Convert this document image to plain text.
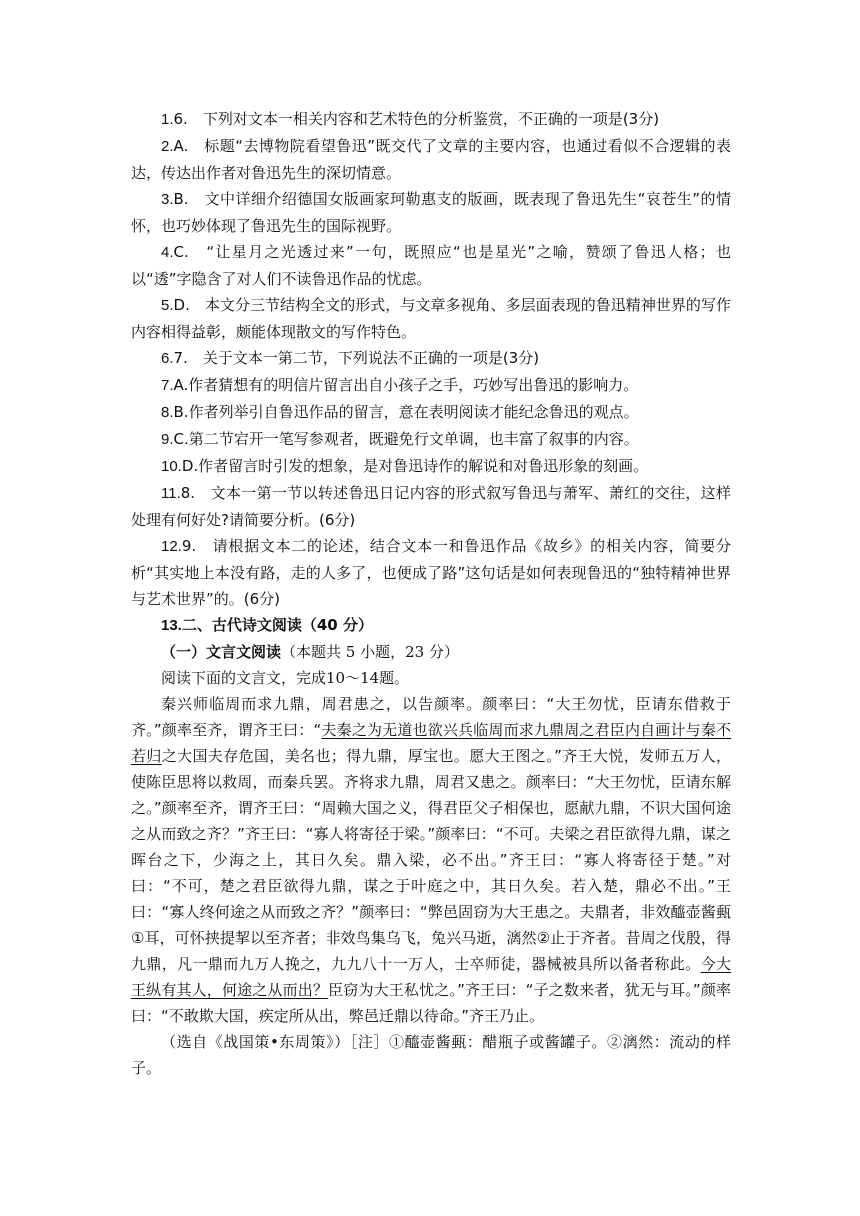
1.6.　下列对文本一相关内容和艺术特色的分析鉴赏，不正确的一项是(3分)

2.A.　标题“去博物院看望鲁迅”既交代了文章的主要内容，也通过看似不合逻辑的表达，传达出作者对鲁迅先生的深切情意。

3.B.　文中详细介绍德国女版画家珂勒惠支的版画，既表现了鲁迅先生“哀苍生”的情怀，也巧妙体现了鲁迅先生的国际视野。

4.C.　“让星月之光透过来”一句，既照应“也是星光”之喻，赞颂了鲁迅人格；也以“透”字隐含了对人们不读鲁迅作品的忧虑。

5.D.　本文分三节结构全文的形式，与文章多视角、多层面表现的鲁迅精神世界的写作内容相得益彰，颇能体现散文的写作特色。

6.7.　关于文本一第二节，下列说法不正确的一项是(3分)

7.A.作者猜想有的明信片留言出自小孩子之手，巧妙写出鲁迅的影响力。

8.B.作者列举引自鲁迅作品的留言，意在表明阅读才能纪念鲁迅的观点。

9.C.第二节宕开一笔写参观者，既避免行文单调，也丰富了叙事的内容。

10.D.作者留言时引发的想象，是对鲁迅诗作的解说和对鲁迅形象的刻画。

11.8.　文本一第一节以转述鲁迅日记内容的形式叙写鲁迅与萧军、萧红的交往，这样处理有何好处?请简要分析。(6分)

12.9.　请根据文本二的论述，结合文本一和鲁迅作品《故乡》的相关内容，简要分析“其实地上本没有路，走的人多了，也便成了路”这句话是如何表现鲁迅的“独特精神世界与艺术世界”的。(6分)

13.二、古代诗文阅读（40 分）

（一）文言文阅读（本题共 5 小题，23 分）

阅读下面的文言文，完成10～14题。

秦兴师临周而求九鼎，周君患之，以告颜率。颜率曰：“大王勿忧，臣请东借救于齐。”颜率至齐，谓齐王曰：“夫秦之为无道也欲兴兵临周而求九鼎周之君臣内自画计与秦不若归之大国夫存危国，美名也；得九鼎，厚宝也。愿大王图之。”齐王大悦，发师五万人，使陈臣思将以救周，而秦兵罢。齐将求九鼎，周君又患之。颜率曰：“大王勿忧，臣请东解之。”颜率至齐，谓齐王曰：“周赖大国之义，得君臣父子相保也，愿献九鼎，不识大国何途之从而致之齐？”齐王曰：“寡人将寄径于梁。”颜率曰：“不可。夫梁之君臣欲得九鼎，谋之晖台之下，少海之上，其日久矣。鼎入梁，必不出。”齐王曰：“寡人将寄径于楚。”对曰：“不可，楚之君臣欲得九鼎，谋之于叶庭之中，其日久矣。若入楚，鼎必不出。”王曰：“寡人终何途之从而致之齐？”颜率曰：“弊邑固窃为大王患之。夫鼎者，非效醯壶酱甀①耳，可怀挟提挈以至齐者；非效鸟集乌飞，兔兴马逝，漓然②止于齐者。昔周之伐殷，得九鼎，凡一鼎而九万人挽之，九九八十一万人，士卒师徒，器械被具所以备者称此。今大王纵有其人，何途之从而出？臣窃为大王私忧之。”齐王曰：“子之数来者，犹无与耳。”颜率曰：“不敢欺大国，疾定所从出，弊邑迁鼎以待命。”齐王乃止。

（选自《战国策•东周策》）［注］①醯壶酱甀：醋瓶子或酱罐子。②漓然：流动的样子。
